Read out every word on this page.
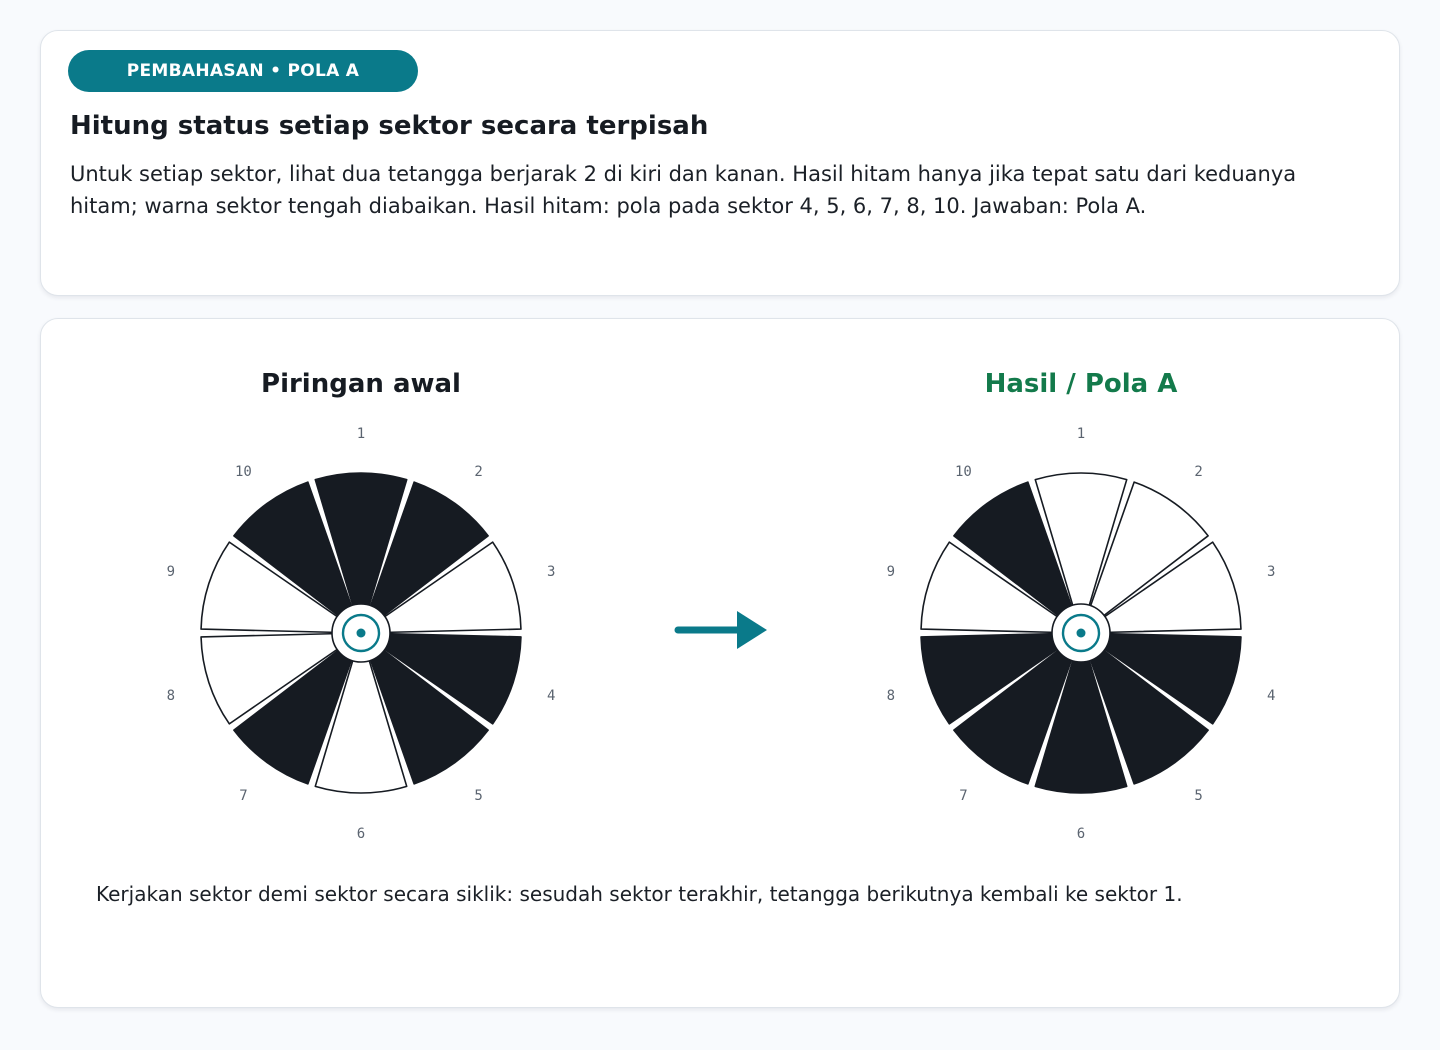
PEMBAHASAN • POLA A
Hitung status setiap sektor secara terpisah

Untuk setiap sektor, lihat dua tetangga berjarak 2 di kiri dan kanan. Hasil hitam hanya jika tepat satu dari keduanya hitam; warna sektor tengah diabaikan. Hasil hitam: pola pada sektor 4, 5, 6, 7, 8, 10. Jawaban: Pola A.

Piringan awal	Hasil / Pola A
1
2
3
4
5
6
7
8
9
10
1
2
3
4
5
6
7
8
9
10

Kerjakan sektor demi sektor secara siklik: sesudah sektor terakhir, tetangga berikutnya kembali ke sektor 1.
